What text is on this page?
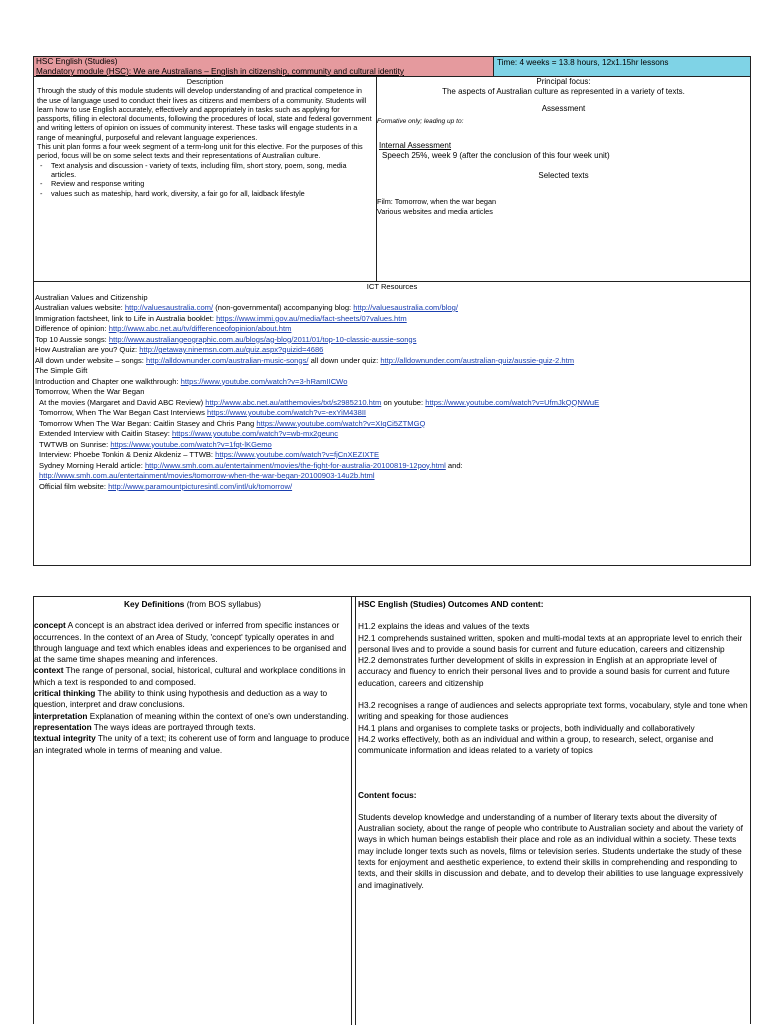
HSC English (Studies)
Mandatory module (HSC): We are Australians – English in citizenship, community and cultural identity
Time: 4 weeks = 13.8 hours, 12x1.15hr lessons
Description
Through the study of this module students will develop understanding of and practical competence in the use of language used to conduct their lives as citizens and members of a community. Students will learn how to use English accurately, effectively and appropriately in tasks such as applying for passports, filling in electoral documents, following the procedures of local, state and federal government and writing letters of opinion on issues of community interest. These tasks will engage students in a range of meaningful, purposeful and relevant language experiences.
This unit plan forms a four week segment of a term-long unit for this elective. For the purposes of this period, focus will be on some select texts and their representations of Australian culture.
- Text analysis and discussion - variety of texts, including film, short story, poem, song, media articles.
- Review and response writing
- values such as mateship, hard work, diversity, a fair go for all, laidback lifestyle
Principal focus:
The aspects of Australian culture as represented in a variety of texts.
Assessment
Formative only; leading up to:
Internal Assessment
Speech 25%, week 9 (after the conclusion of this four week unit)
Selected texts
Film: Tomorrow, when the war began
Various websites and media articles
ICT Resources
Australian Values and Citizenship
Australian values website: http://valuesaustralia.com/ (non-governmental) accompanying blog: http://valuesaustralia.com/blog/
Immigration factsheet, link to Life in Australia booklet: https://www.immi.gov.au/media/fact-sheets/07values.htm
Difference of opinion: http://www.abc.net.au/tv/differenceofopinion/about.htm
Top 10 Aussie songs: http://www.australiangeographic.com.au/blogs/ag-blog/2011/01/top-10-classic-aussie-songs
How Australian are you? Quiz: http://getaway.ninemsn.com.au/quiz.aspx?quizid=4686
All down under website – songs: http://alldownunder.com/australian-music-songs/ all down under quiz: http://alldownunder.com/australian-quiz/aussie-quiz-2.htm
The Simple Gift
Introduction and Chapter one walkthrough: https://www.youtube.com/watch?v=3-hRamIICWo
Tomorrow, When the War Began
At the movies (Margaret and David ABC Review) http://www.abc.net.au/atthemovies/txt/s2985210.htm on youtube: https://www.youtube.com/watch?v=UfmJkQQNWuE
Tomorrow, When The War Began Cast Interviews https://www.youtube.com/watch?v=-exYiM438II
Tomorrow When The War Began: Caitlin Stasey and Chris Pang https://www.youtube.com/watch?v=XIqCi5ZTMGQ
Extended Interview with Caitlin Stasey: https://www.youtube.com/watch?v=wb-mx2geunc
TWTWB on Sunrise: https://www.youtube.com/watch?v=1fqt-lKGemo
Interview: Phoebe Tonkin & Deniz Akdeniz – TTWB: https://www.youtube.com/watch?v=fjCnXEZIXTE
Sydney Morning Herald article: http://www.smh.com.au/entertainment/movies/the-fight-for-australia-20100819-12poy.html and:
http://www.smh.com.au/entertainment/movies/tomorrow-when-the-war-began-20100903-14u2b.html
Official film website: http://www.paramountpicturesintl.com/intl/uk/tomorrow/
Key Definitions (from BOS syllabus)

concept A concept is an abstract idea derived or inferred from specific instances or occurrences. In the context of an Area of Study, 'concept' typically operates in and through language and text which enables ideas and experiences to be organised and at the same time shapes meaning and inferences.

context The range of personal, social, historical, cultural and workplace conditions in which a text is responded to and composed.

critical thinking The ability to think using hypothesis and deduction as a way to question, interpret and draw conclusions.

interpretation Explanation of meaning within the context of one's own understanding.

representation The ways ideas are portrayed through texts.

textual integrity The unity of a text; its coherent use of form and language to produce an integrated whole in terms of meaning and value.

HSC English (Studies) Outcomes AND content:

H1.2 explains the ideas and values of the texts

H2.1 comprehends sustained written, spoken and multi-modal texts at an appropriate level to enrich their personal lives and to provide a sound basis for current and future education, careers and citizenship

H2.2 demonstrates further development of skills in expression in English at an appropriate level of accuracy and fluency to enrich their personal lives and to provide a sound basis for current and future education, careers and citizenship

H3.2 recognises a range of audiences and selects appropriate text forms, vocabulary, style and tone when writing and speaking for those audiences

H4.1 plans and organises to complete tasks or projects, both individually and collaboratively

H4.2 works effectively, both as an individual and within a group, to research, select, organise and communicate information and ideas related to a variety of topics

Content focus:

Students develop knowledge and understanding of a number of literary texts about the diversity of Australian society, about the range of people who contribute to Australian society and about the variety of ways in which human beings establish their place and role as an individual within a society. These texts may include longer texts such as novels, films or television series. Students undertake the study of these texts for enjoyment and aesthetic experience, to extend their skills in comprehending and responding to texts, and their skills in discussion and debate, and to develop their abilities to use language expressively and imaginatively.
